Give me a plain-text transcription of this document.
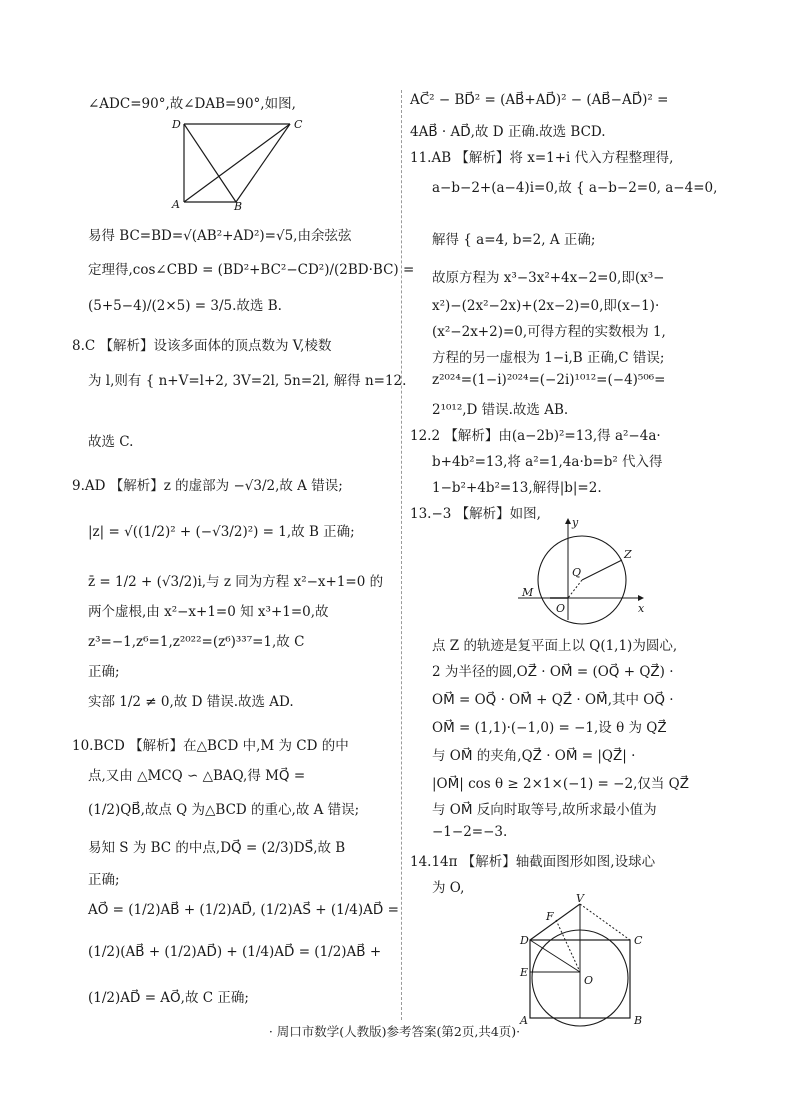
∠ADC=90°,故∠DAB=90°,如图,
D	C
A	B
易得 BC=BD=√(AB²+AD²)=√5,由余弦弦
定理得,cos∠CBD = (BD²+BC²−CD²)/(2BD·BC) =
(5+5−4)/(2×5) = 3/5.故选 B.
8.C 【解析】设该多面体的顶点数为 V,棱数
为 l,则有 { n+V=l+2, 3V=2l, 5n=2l, 解得 n=12.
故选 C.
9.AD 【解析】z 的虚部为 −√3/2,故 A 错误;
|z| = √((1/2)² + (−√3/2)²) = 1,故 B 正确;
z̄ = 1/2 + (√3/2)i,与 z 同为方程 x²−x+1=0 的
两个虚根,由 x²−x+1=0 知 x³+1=0,故
z³=−1,z⁶=1,z²⁰²²=(z⁶)³³⁷=1,故 C
正确;
实部 1/2 ≠ 0,故 D 错误.故选 AD.
10.BCD 【解析】在△BCD 中,M 为 CD 的中
点,又由 △MCQ ∽ △BAQ,得 MQ⃗ =
(1/2)QB⃗,故点 Q 为△BCD 的重心,故 A 错误;
易知 S 为 BC 的中点,DQ⃗ = (2/3)DS⃗,故 B
正确;
AO⃗ = (1/2)AB⃗ + (1/2)AD⃗, (1/2)AS⃗ + (1/4)AD⃗ =
(1/2)(AB⃗ + (1/2)AD⃗) + (1/4)AD⃗ = (1/2)AB⃗ +
(1/2)AD⃗ = AO⃗,故 C 正确;
AC⃗² − BD⃗² = (AB⃗+AD⃗)² − (AB⃗−AD⃗)² =
4AB⃗ · AD⃗,故 D 正确.故选 BCD.
11.AB 【解析】将 x=1+i 代入方程整理得,
a−b−2+(a−4)i=0,故 { a−b−2=0, a−4=0,
解得 { a=4, b=2, A 正确;
故原方程为 x³−3x²+4x−2=0,即(x³−
x²)−(2x²−2x)+(2x−2)=0,即(x−1)·
(x²−2x+2)=0,可得方程的实数根为 1,
方程的另一虚根为 1−i,B 正确,C 错误;
z²⁰²⁴=(1−i)²⁰²⁴=(−2i)¹⁰¹²=(−4)⁵⁰⁶=
2¹⁰¹²,D 错误.故选 AB.
12.2 【解析】由(a−2b)²=13,得 a²−4a·
b+4b²=13,将 a²=1,4a·b=b² 代入得
1−b²+4b²=13,解得|b|=2.
13.−3 【解析】如图,
y
x
Q
Z
M
O
点 Z 的轨迹是复平面上以 Q(1,1)为圆心,
2 为半径的圆,OZ⃗ · OM⃗ = (OQ⃗ + QZ⃗) ·
OM⃗ = OQ⃗ · OM⃗ + QZ⃗ · OM⃗,其中 OQ⃗ ·
OM⃗ = (1,1)·(−1,0) = −1,设 θ 为 QZ⃗
与 OM⃗ 的夹角,QZ⃗ · OM⃗ = |QZ⃗| ·
|OM⃗| cos θ ≥ 2×1×(−1) = −2,仅当 QZ⃗
与 OM⃗ 反向时取等号,故所求最小值为
−1−2=−3.
14.14π 【解析】轴截面图形如图,设球心
为 O,
V
F
D	C
E
O
A	B
· 周口市数学(人教版)参考答案(第2页,共4页)·
